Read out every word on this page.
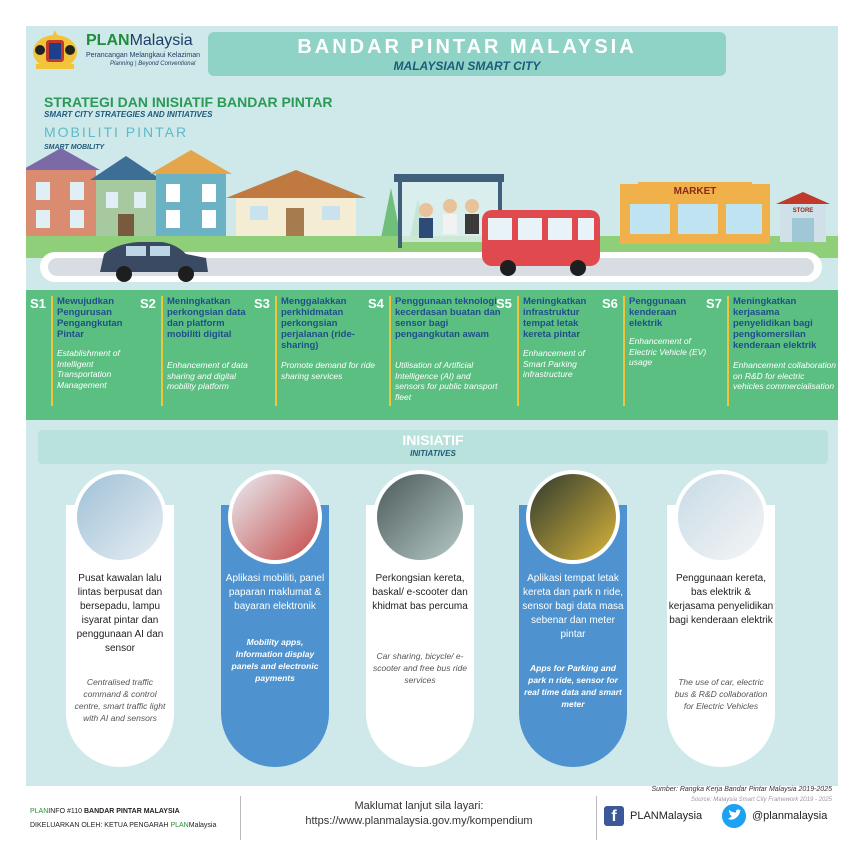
PLANMalaysia
Perancangan Melangkaui Kelaziman
Planning | Beyond Conventional
BANDAR PINTAR MALAYSIA
MALAYSIAN SMART CITY
STRATEGI DAN INISIATIF BANDAR PINTAR
SMART CITY STRATEGIES AND INITIATIVES
MOBILITI PINTAR
SMART MOBILITY
MARKET
STORE
S1 Mewujudkan Pengurusan Pengangkutan Pintar
Establishment of Intelligent Transportation Management
S2 Meningkatkan perkongsian data dan platform mobiliti digital
Enhancement of data sharing and digital mobility platform
S3 Menggalakkan perkhidmatan perkongsian perjalanan (ride-sharing)
Promote demand for ride sharing services
S4 Penggunaan teknologi kecerdasan buatan dan sensor bagi pengangkutan awam
Utilisation of Artificial Intelligence (AI) and sensors for public transport fleet
S5 Meningkatkan infrastruktur tempat letak kereta pintar
Enhancement of Smart Parking infrastructure
S6 Penggunaan kenderaan elektrik
Enhancement of Electric Vehicle (EV) usage
S7 Meningkatkan kerjasama penyelidikan bagi pengkomersilan kenderaan elektrik
Enhancement collaboration on R&D for electric vehicles commercialisation
INISIATIF
INITIATIVES
Pusat kawalan lalu lintas berpusat dan bersepadu, lampu isyarat pintar dan penggunaan AI dan sensor
Centralised traffic command & control centre, smart traffic light with AI and sensors
Aplikasi mobiliti, panel paparan maklumat & bayaran elektronik
Mobility apps, Information display panels and electronic payments
Perkongsian kereta, baskal/ e-scooter dan khidmat bas percuma
Car sharing, bicycle/ e-scooter and free bus ride services
Aplikasi tempat letak kereta dan park n ride, sensor bagi data masa sebenar dan meter pintar
Apps for Parking and park n ride, sensor for real time data and smart meter
Penggunaan kereta, bas elektrik & kerjasama penyelidikan bagi kenderaan elektrik
The use of car, electric bus & R&D collaboration for Electric Vehicles
PLANINFO #110 BANDAR PINTAR MALAYSIA
DIKELUARKAN OLEH: KETUA PENGARAH PLANMalaysia
Maklumat lanjut sila layari:
https://www.planmalaysia.gov.my/kompendium
Sumber: Rangka Kerja Bandar Pintar Malaysia 2019-2025
Source: Malaysia Smart City Framework 2019 - 2025
f	PLANMalaysia	@planmalaysia
